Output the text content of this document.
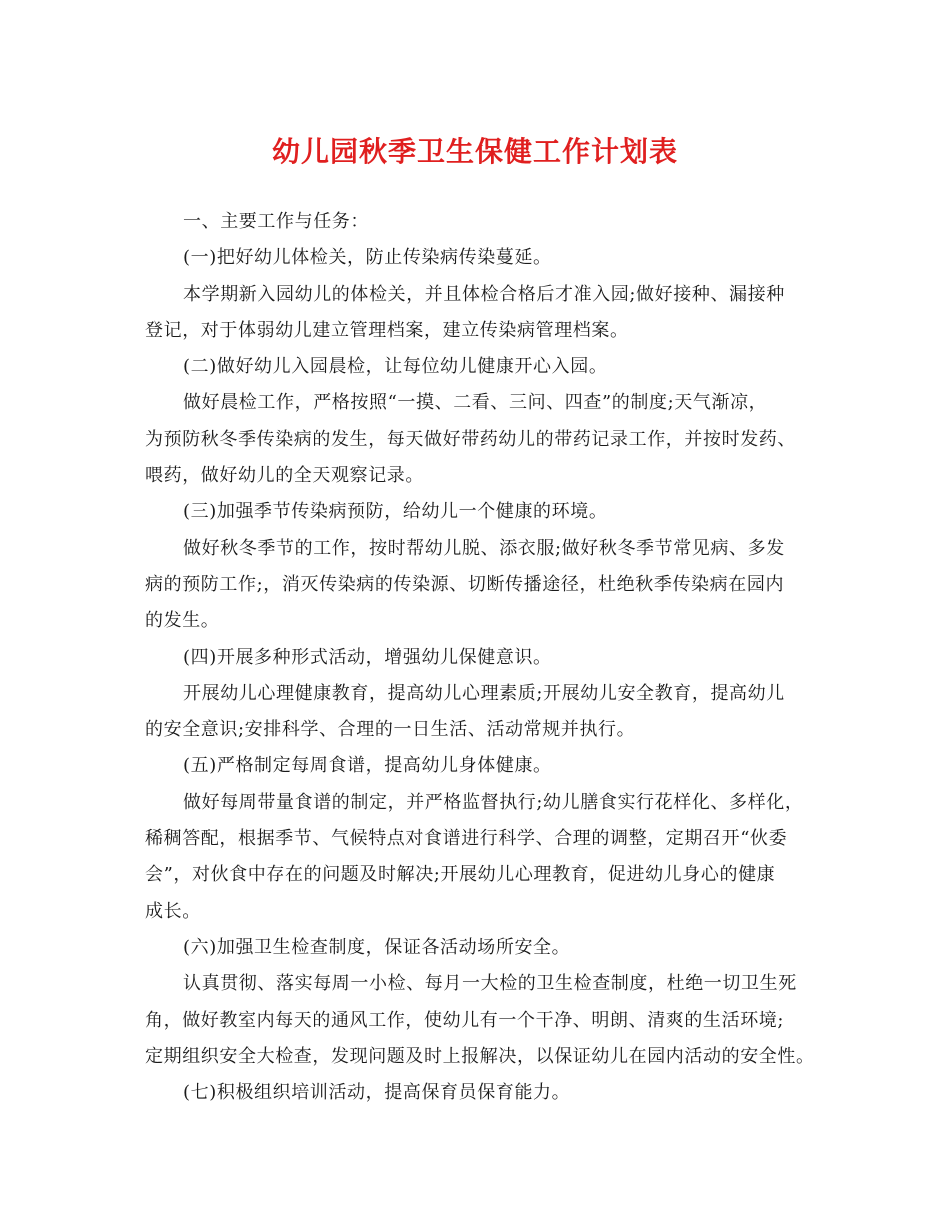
幼儿园秋季卫生保健工作计划表
一、主要工作与任务：
(一)把好幼儿体检关，防止传染病传染蔓延。
本学期新入园幼儿的体检关，并且体检合格后才准入园;做好接种、漏接种
登记，对于体弱幼儿建立管理档案，建立传染病管理档案。
(二)做好幼儿入园晨检，让每位幼儿健康开心入园。
做好晨检工作，严格按照“一摸、二看、三问、四查”的制度;天气渐凉，
为预防秋冬季传染病的发生，每天做好带药幼儿的带药记录工作，并按时发药、
喂药，做好幼儿的全天观察记录。
(三)加强季节传染病预防，给幼儿一个健康的环境。
做好秋冬季节的工作，按时帮幼儿脱、添衣服;做好秋冬季节常见病、多发
病的预防工作;，消灭传染病的传染源、切断传播途径，杜绝秋季传染病在园内
的发生。
(四)开展多种形式活动，增强幼儿保健意识。
开展幼儿心理健康教育，提高幼儿心理素质;开展幼儿安全教育，提高幼儿
的安全意识;安排科学、合理的一日生活、活动常规并执行。
(五)严格制定每周食谱，提高幼儿身体健康。
做好每周带量食谱的制定，并严格监督执行;幼儿膳食实行花样化、多样化，
稀稠答配，根据季节、气候特点对食谱进行科学、合理的调整，定期召开“伙委
会”，对伙食中存在的问题及时解决;开展幼儿心理教育，促进幼儿身心的健康
成长。
(六)加强卫生检查制度，保证各活动场所安全。
认真贯彻、落实每周一小检、每月一大检的卫生检查制度，杜绝一切卫生死
角，做好教室内每天的通风工作，使幼儿有一个干净、明朗、清爽的生活环境;
定期组织安全大检查，发现问题及时上报解决，以保证幼儿在园内活动的安全性。
(七)积极组织培训活动，提高保育员保育能力。
